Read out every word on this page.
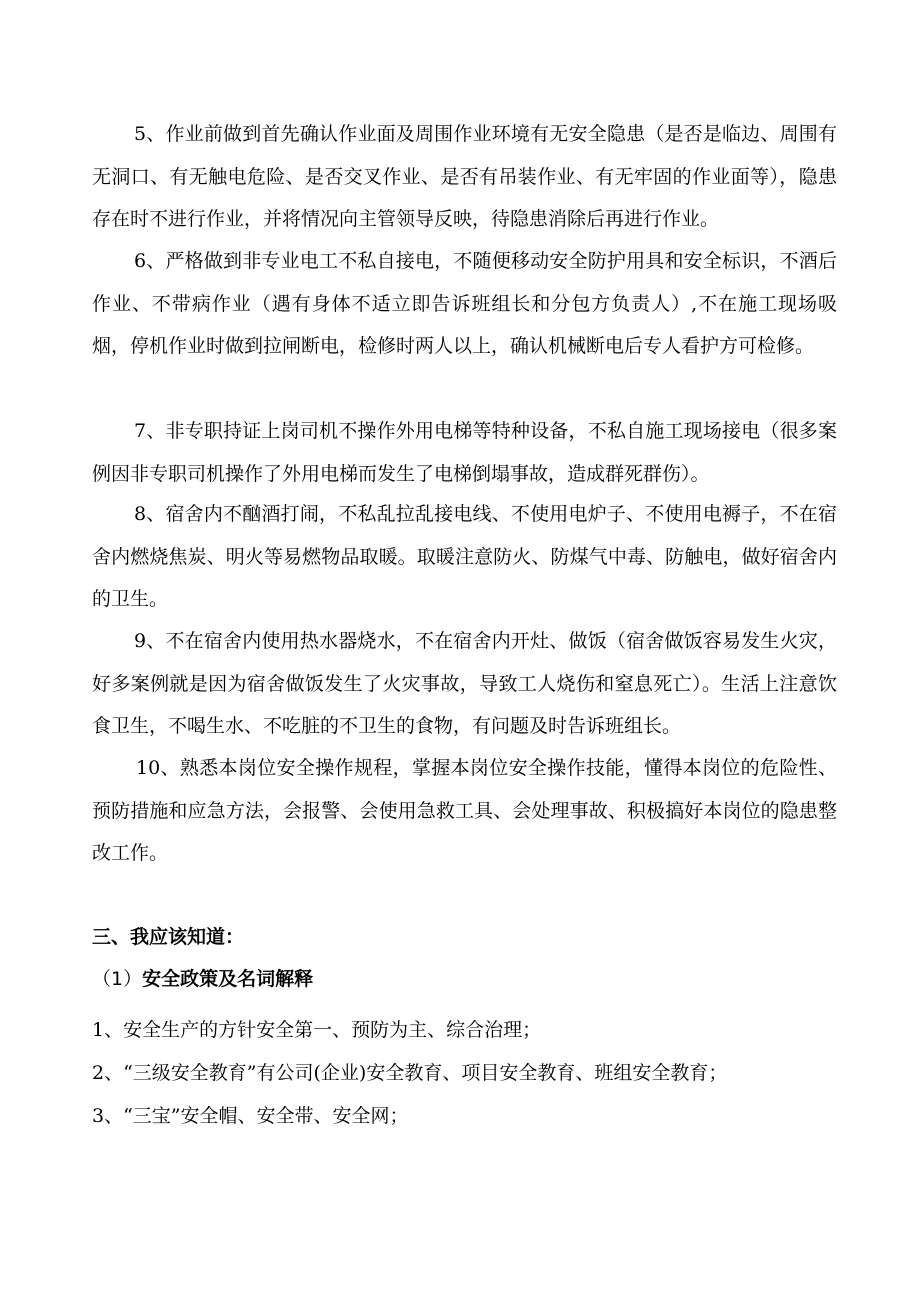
5、作业前做到首先确认作业面及周围作业环境有无安全隐患（是否是临边、周围有无洞口、有无触电危险、是否交叉作业、是否有吊装作业、有无牢固的作业面等），隐患存在时不进行作业，并将情况向主管领导反映，待隐患消除后再进行作业。

6、严格做到非专业电工不私自接电，不随便移动安全防护用具和安全标识，不酒后作业、不带病作业（遇有身体不适立即告诉班组长和分包方负责人）,不在施工现场吸烟，停机作业时做到拉闸断电，检修时两人以上，确认机械断电后专人看护方可检修。

7、非专职持证上岗司机不操作外用电梯等特种设备，不私自施工现场接电（很多案例因非专职司机操作了外用电梯而发生了电梯倒塌事故，造成群死群伤）。

8、宿舍内不酗酒打闹，不私乱拉乱接电线、不使用电炉子、不使用电褥子，不在宿舍内燃烧焦炭、明火等易燃物品取暖。取暖注意防火、防煤气中毒、防触电，做好宿舍内的卫生。

9、不在宿舍内使用热水器烧水，不在宿舍内开灶、做饭（宿舍做饭容易发生火灾，好多案例就是因为宿舍做饭发生了火灾事故，导致工人烧伤和窒息死亡）。生活上注意饮食卫生，不喝生水、不吃脏的不卫生的食物，有问题及时告诉班组长。

10、熟悉本岗位安全操作规程，掌握本岗位安全操作技能，懂得本岗位的危险性、预防措施和应急方法，会报警、会使用急救工具、会处理事故、积极搞好本岗位的隐患整改工作。

三、我应该知道：

（1）安全政策及名词解释

1、安全生产的方针安全第一、预防为主、综合治理；

2、“三级安全教育”有公司(企业)安全教育、项目安全教育、班组安全教育；

3、“三宝”安全帽、安全带、安全网；
